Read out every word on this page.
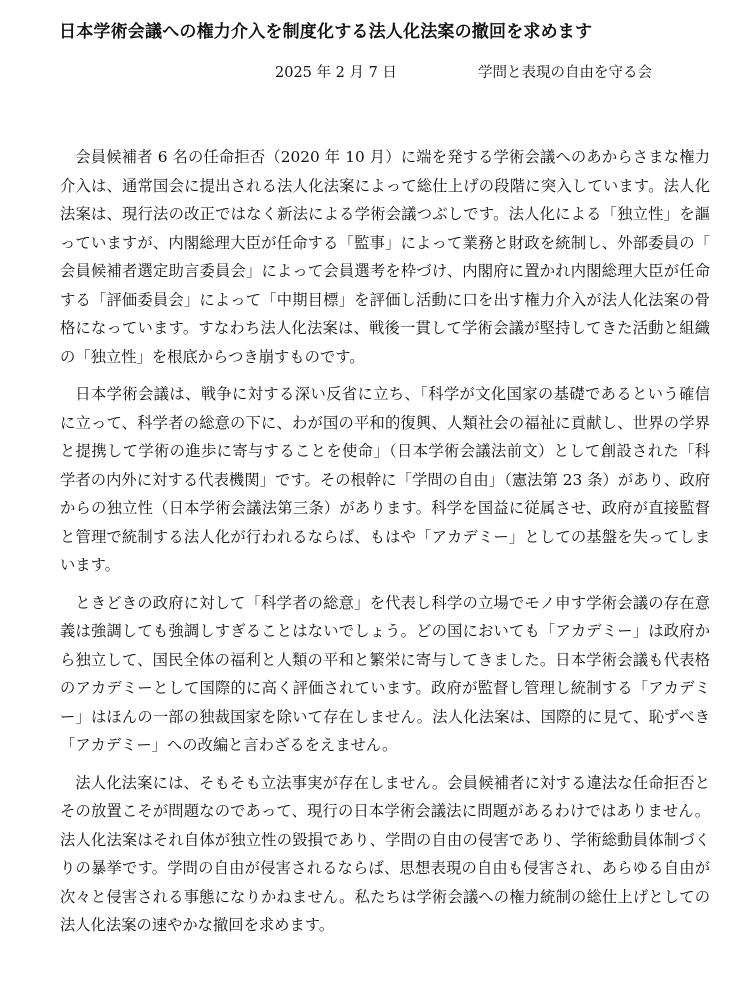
日本学術会議への権力介入を制度化する法人化法案の撤回を求めます
2025 年 2 月 7 日	学問と表現の自由を守る会

会員候補者 6 名の任命拒否（2020 年 10 月）に端を発する学術会議へのあからさまな権力介入は、通常国会に提出される法人化法案によって総仕上げの段階に突入しています。法人化法案は、現行法の改正ではなく新法による学術会議つぶしです。法人化による「独立性」を謳っていますが、内閣総理大臣が任命する「監事」によって業務と財政を統制し、外部委員の「会員候補者選定助言委員会」によって会員選考を枠づけ、内閣府に置かれ内閣総理大臣が任命する「評価委員会」によって「中期目標」を評価し活動に口を出す権力介入が法人化法案の骨格になっています。すなわち法人化法案は、戦後一貫して学術会議が堅持してきた活動と組織の「独立性」を根底からつき崩すものです。

日本学術会議は、戦争に対する深い反省に立ち、「科学が文化国家の基礎であるという確信に立って、科学者の総意の下に、わが国の平和的復興、人類社会の福祉に貢献し、世界の学界と提携して学術の進歩に寄与することを使命」（日本学術会議法前文）として創設された「科学者の内外に対する代表機関」です。その根幹に「学問の自由」（憲法第 23 条）があり、政府からの独立性（日本学術会議法第三条）があります。科学を国益に従属させ、政府が直接監督と管理で統制する法人化が行われるならば、もはや「アカデミー」としての基盤を失ってしまいます。

ときどきの政府に対して「科学者の総意」を代表し科学の立場でモノ申す学術会議の存在意義は強調しても強調しすぎることはないでしょう。どの国においても「アカデミー」は政府から独立して、国民全体の福利と人類の平和と繁栄に寄与してきました。日本学術会議も代表格のアカデミーとして国際的に高く評価されています。政府が監督し管理し統制する「アカデミー」はほんの一部の独裁国家を除いて存在しません。法人化法案は、国際的に見て、恥ずべき「アカデミー」への改編と言わざるをえません。

法人化法案には、そもそも立法事実が存在しません。会員候補者に対する違法な任命拒否とその放置こそが問題なのであって、現行の日本学術会議法に問題があるわけではありません。法人化法案はそれ自体が独立性の毀損であり、学問の自由の侵害であり、学術総動員体制づくりの暴挙です。学問の自由が侵害されるならば、思想表現の自由も侵害され、あらゆる自由が次々と侵害される事態になりかねません。私たちは学術会議への権力統制の総仕上げとしての法人化法案の速やかな撤回を求めます。
